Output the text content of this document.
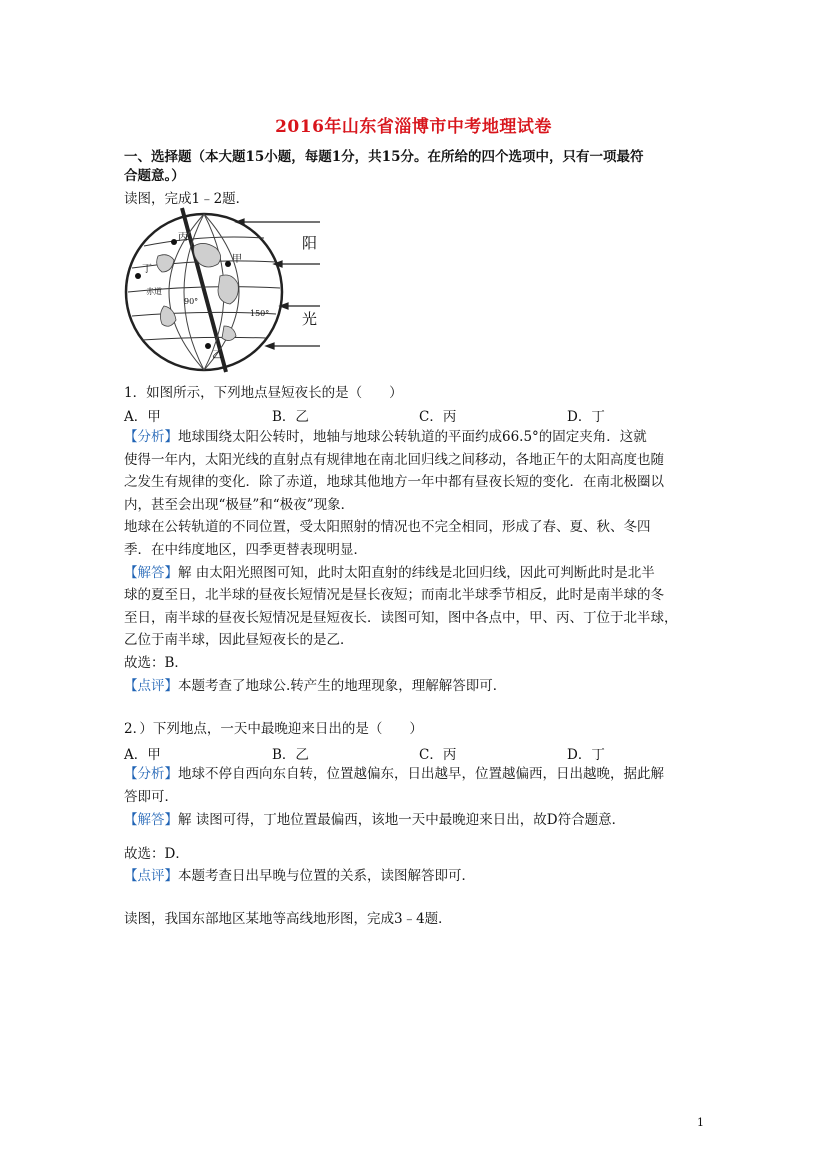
2016年山东省淄博市中考地理试卷
一、选择题（本大题15小题，每题1分，共15分。在所给的四个选项中，只有一项最符
合题意。）
读图，完成1﹣2题．
甲
乙
丙
丁
赤道
90°
150°
阳
光
1．如图所示，下列地点昼短夜长的是（　　）
A．甲	B．乙	C．丙	D．丁
【分析】地球围绕太阳公转时，地轴与地球公转轨道的平面约成66.5°的固定夹角．这就
使得一年内，太阳光线的直射点有规律地在南北回归线之间移动，各地正午的太阳高度也随
之发生有规律的变化．除了赤道，地球其他地方一年中都有昼夜长短的变化．在南北极圈以
内，甚至会出现“极昼”和“极夜”现象．
地球在公转轨道的不同位置，受太阳照射的情况也不完全相同，形成了春、夏、秋、冬四
季．在中纬度地区，四季更替表现明显．
【解答】解 由太阳光照图可知，此时太阳直射的纬线是北回归线，因此可判断此时是北半
球的夏至日，北半球的昼夜长短情况是昼长夜短；而南北半球季节相反，此时是南半球的冬
至日，南半球的昼夜长短情况是昼短夜长．读图可知，图中各点中，甲、丙、丁位于北半球，
乙位于南半球，因此昼短夜长的是乙．
故选：B．
【点评】本题考查了地球公.转产生的地理现象，理解解答即可．
2．）下列地点，一天中最晚迎来日出的是（　　）
A．甲	B．乙	C．丙	D．丁
【分析】地球不停自西向东自转，位置越偏东，日出越早，位置越偏西，日出越晚，据此解
答即可．
【解答】解 读图可得，丁地位置最偏西，该地一天中最晚迎来日出，故D符合题意．
故选：D．
【点评】本题考查日出早晚与位置的关系，读图解答即可．
读图，我国东部地区某地等高线地形图，完成3﹣4题．
1
